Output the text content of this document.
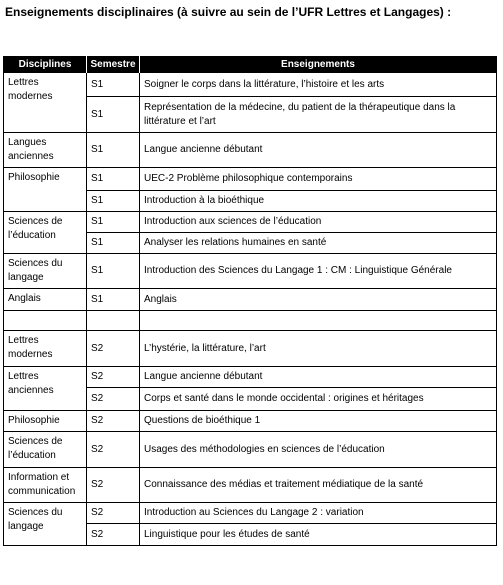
Enseignements disciplinaires (à suivre au sein de l’UFR Lettres et Langages) :
Disciplines	Semestre	Enseignements
Lettres modernes	S1	Soigner le corps dans la littérature, l’histoire et les arts
	S1	Représentation de la médecine, du patient de la thérapeutique dans la littérature et l’art
Langues anciennes	S1	Langue ancienne débutant
Philosophie	S1	UEC-2 Problème philosophique contemporains
	S1	Introduction à la bioéthique
Sciences de l’éducation	S1	Introduction aux sciences de l’éducation
	S1	Analyser les relations humaines en santé
Sciences du langage	S1	Introduction des Sciences du Langage 1 : CM : Linguistique Générale
Anglais	S1	Anglais

Lettres modernes	S2	L’hystérie, la littérature, l’art
Lettres anciennes	S2	Langue ancienne débutant
	S2	Corps et santé dans le monde occidental : origines et héritages
Philosophie	S2	Questions de bioéthique 1
Sciences de l’éducation	S2	Usages des méthodologies en sciences de l’éducation
Information et communication	S2	Connaissance des médias et traitement médiatique de la santé
Sciences du langage	S2	Introduction au Sciences du Langage 2 : variation
	S2	Linguistique pour les études de santé
